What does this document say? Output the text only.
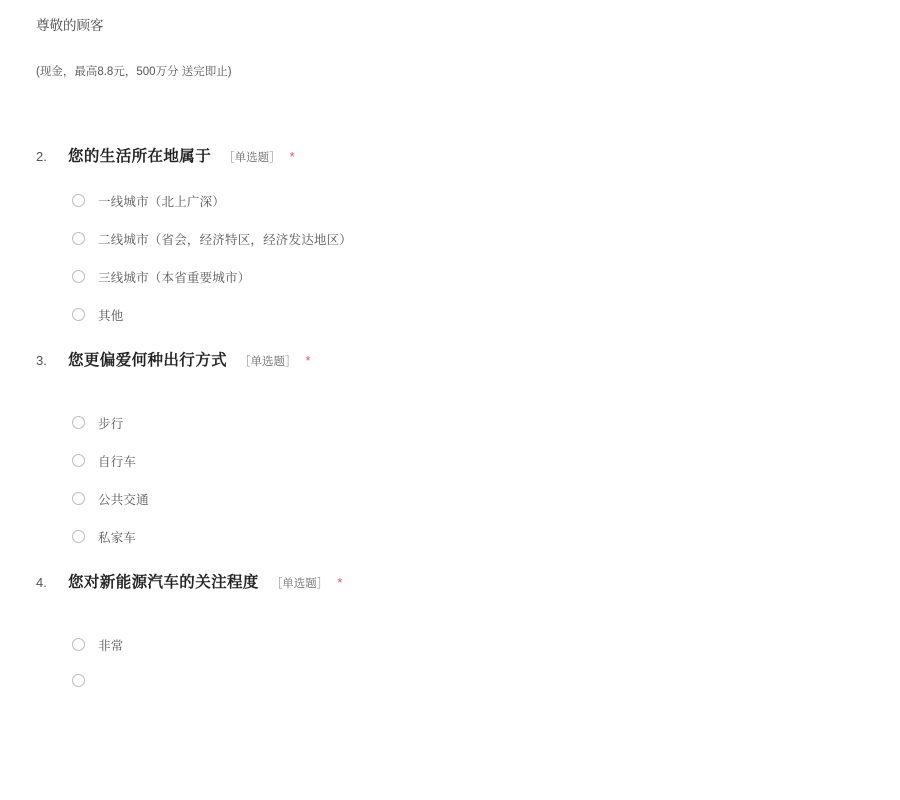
尊敬的顾客
(现金，最高8.8元，500万分 送完即止)
2.	您的生活所在地属于 ［单选题］ *
一线城市（北上广深）
二线城市（省会，经济特区，经济发达地区）
三线城市（本省重要城市）
其他
3.	您更偏爱何种出行方式 ［单选题］ *
步行
自行车
公共交通
私家车
4.	您对新能源汽车的关注程度 ［单选题］ *
非常
